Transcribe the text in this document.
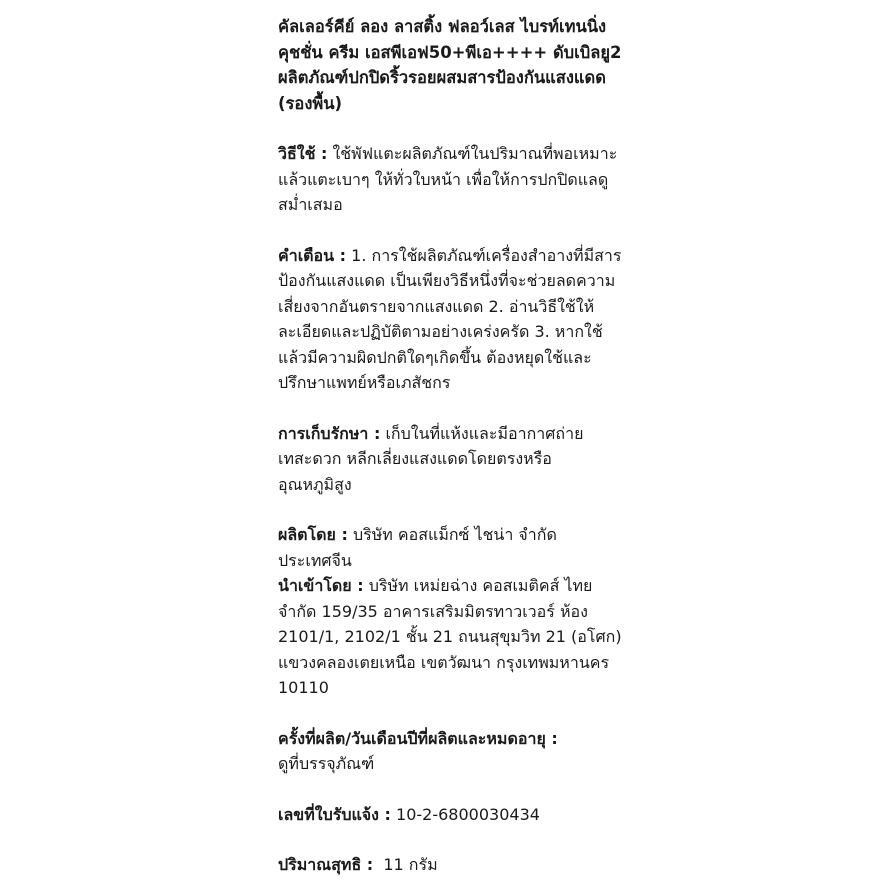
คัลเลอร์คีย์ ลอง ลาสติ้ง ฟลอว์เลส ไบรท์เทนนิ่ง
คุชชั่น ครีม เอสพีเอฟ50+พีเอ++++ ดับเบิลยู2
ผลิตภัณฑ์ปกปิดริ้วรอยผสมสารป้องกันแสงแดด
(รองพื้น)

วิธีใช้ : ใช้พัฟแตะผลิตภัณฑ์ในปริมาณที่พอเหมาะ
แล้วแตะเบาๆ ให้ทั่วใบหน้า เพื่อให้การปกปิดแลดู
สม่ำเสมอ

คำเตือน : 1. การใช้ผลิตภัณฑ์เครื่องสำอางที่มีสาร
ป้องกันแสงแดด เป็นเพียงวิธีหนึ่งที่จะช่วยลดความ
เสี่ยงจากอันตรายจากแสงแดด 2. อ่านวิธีใช้ให้
ละเอียดและปฏิบัติตามอย่างเคร่งครัด 3. หากใช้
แล้วมีความผิดปกติใดๆเกิดขึ้น ต้องหยุดใช้และ
ปรึกษาแพทย์หรือเภสัชกร

การเก็บรักษา : เก็บในที่แห้งและมีอากาศถ่าย
เทสะดวก หลีกเลี่ยงแสงแดดโดยตรงหรือ
อุณหภูมิสูง

ผลิตโดย : บริษัท คอสแม็กซ์ ไชน่า จำกัด
ประเทศจีน

นำเข้าโดย : บริษัท เหม่ยฉ่าง คอสเมติคส์ ไทย
จำกัด 159/35 อาคารเสริมมิตรทาวเวอร์ ห้อง
2101/1, 2102/1 ชั้น 21 ถนนสุขุมวิท 21 (อโศก)
แขวงคลองเตยเหนือ เขตวัฒนา กรุงเทพมหานคร
10110

ครั้งที่ผลิต/วันเดือนปีที่ผลิตและหมดอายุ :
ดูที่บรรจุภัณฑ์

เลขที่ใบรับแจ้ง : 10-2-6800030434

ปริมาณสุทธิ :  11 กรัม
